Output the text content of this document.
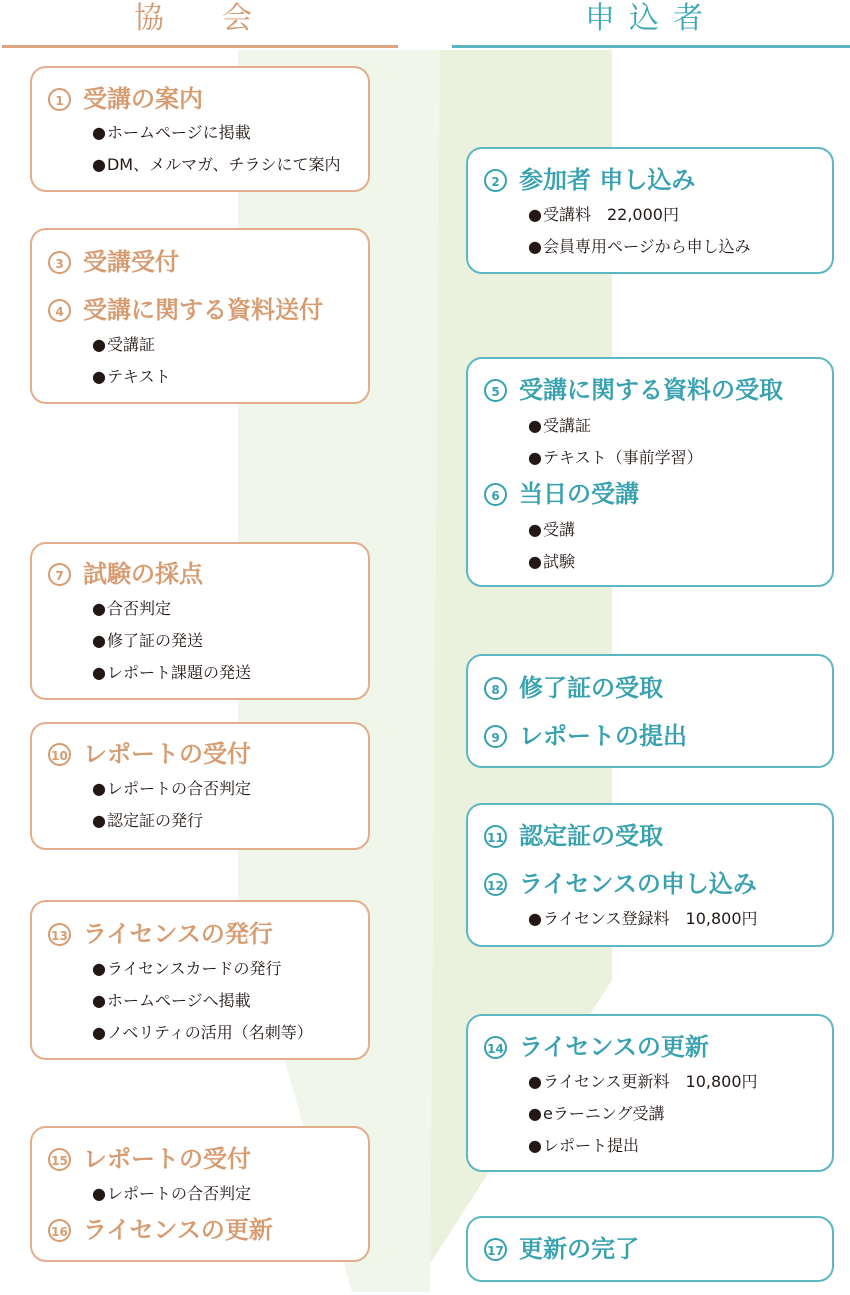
協　会	申込者
1 受講の案内
● ホームページに掲載
● DM、メルマガ、チラシにて案内
3 受講受付
4 受講に関する資料送付
● 受講証
● テキスト
7 試験の採点
● 合否判定
● 修了証の発送
● レポート課題の発送
10 レポートの受付
● レポートの合否判定
● 認定証の発行
13 ライセンスの発行
● ライセンスカードの発行
● ホームページへ掲載
● ノベリティの活用（名刺等）
15 レポートの受付
● レポートの合否判定
16 ライセンスの更新
2 参加者 申し込み
● 受講料　22,000円
● 会員専用ページから申し込み
5 受講に関する資料の受取
● 受講証
● テキスト（事前学習）
6 当日の受講
● 受講
● 試験
8 修了証の受取
9 レポートの提出
11 認定証の受取
12 ライセンスの申し込み
● ライセンス登録料　10,800円
14 ライセンスの更新
● ライセンス更新料　10,800円
● eラーニング受講
● レポート提出
17 更新の完了
